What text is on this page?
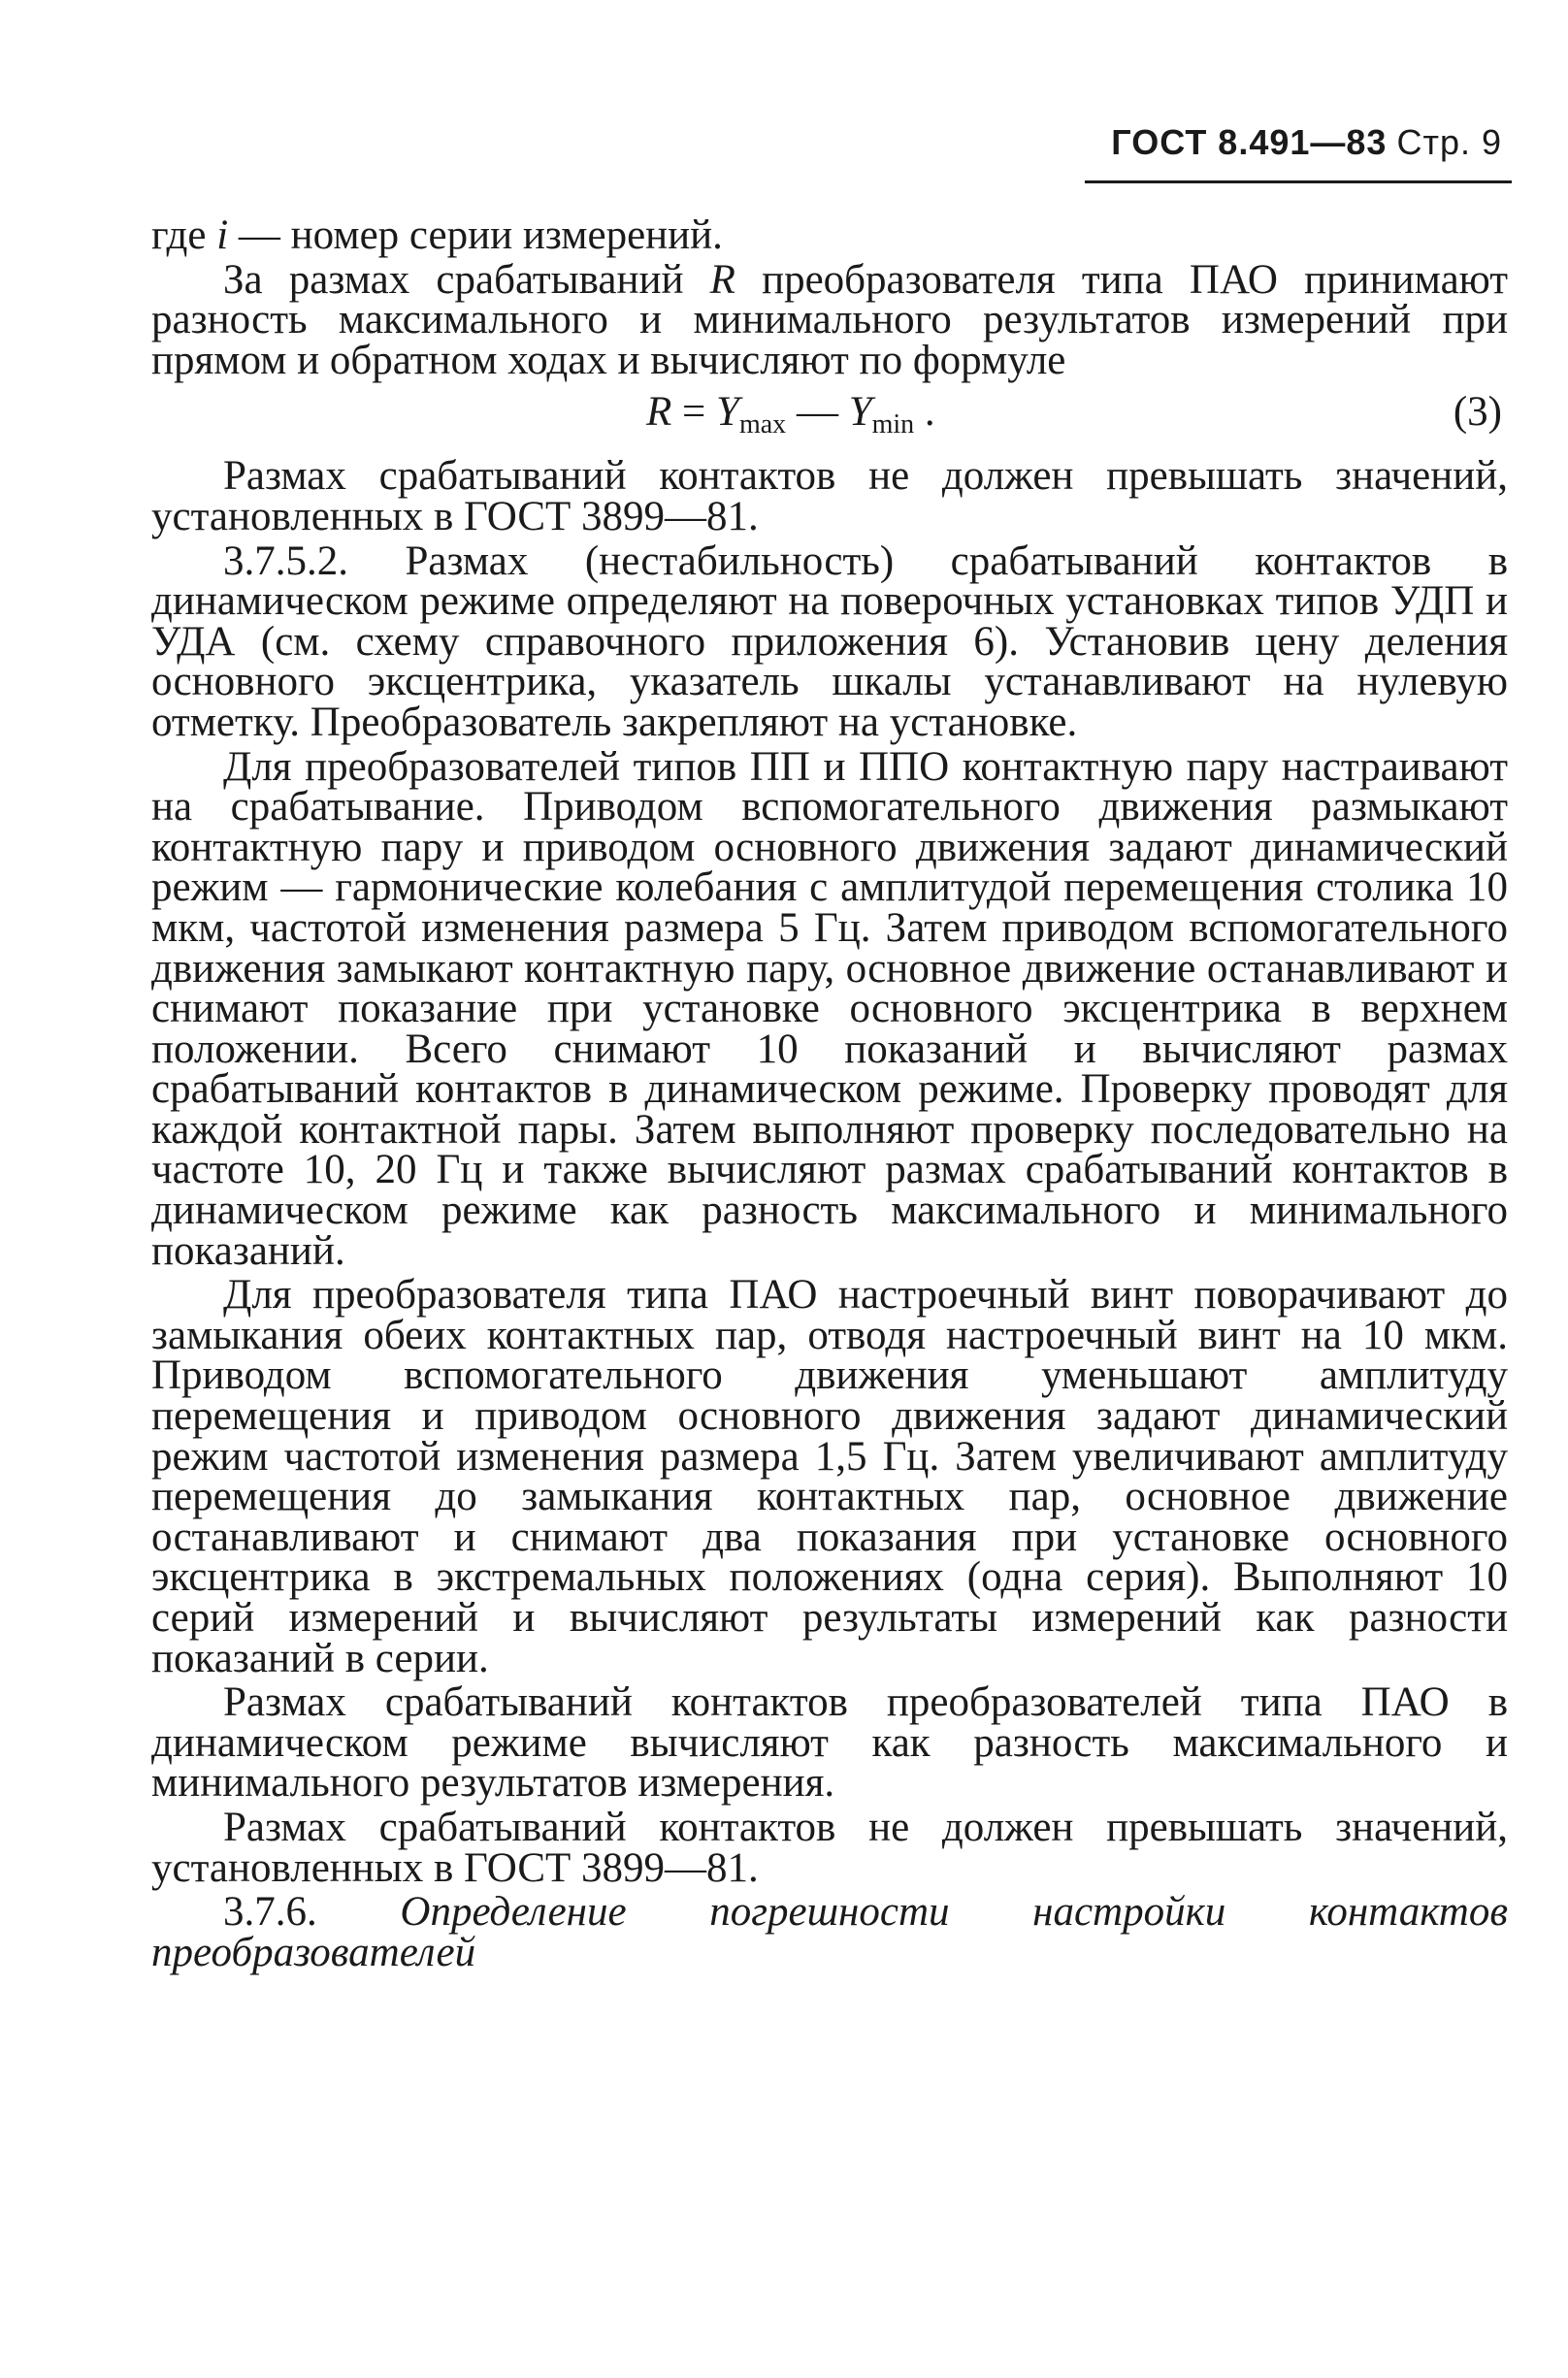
ГОСТ 8.491—83 Стр. 9

где i — номер серии измерений.

За размах срабатываний R преобразователя типа ПАО принимают разность максимального и минимального результатов измерений при прямом и обратном ходах и вычисляют по формуле

$R = Y_{max}$ — $Y_{min}$ .	(3)

Размах срабатываний контактов не должен превышать значений, установленных в ГОСТ 3899—81.

3.7.5.2. Размах (нестабильность) срабатываний контактов в динамическом режиме определяют на поверочных установках типов УДП и УДА (см. схему справочного приложения 6). Установив цену деления основного эксцентрика, указатель шкалы устанавливают на нулевую отметку. Преобразователь закрепляют на установке.

Для преобразователей типов ПП и ППО контактную пару настраивают на срабатывание. Приводом вспомогательного движения размыкают контактную пару и приводом основного движения задают динамический режим — гармонические колебания с амплитудой перемещения столика 10 мкм, частотой изменения размера 5 Гц. Затем приводом вспомогательного движения замыкают контактную пару, основное движение останавливают и снимают показание при установке основного эксцентрика в верхнем положении. Всего снимают 10 показаний и вычисляют размах срабатываний контактов в динамическом режиме. Проверку проводят для каждой контактной пары. Затем выполняют проверку последовательно на частоте 10, 20 Гц и также вычисляют размах срабатываний контактов в динамическом режиме как разность максимального и минимального показаний.

Для преобразователя типа ПАО настроечный винт поворачивают до замыкания обеих контактных пар, отводя настроечный винт на 10 мкм. Приводом вспомогательного движения уменьшают амплитуду перемещения и приводом основного движения задают динамический режим частотой изменения размера 1,5 Гц. Затем увеличивают амплитуду перемещения до замыкания контактных пар, основное движение останавливают и снимают два показания при установке основного эксцентрика в экстремальных положениях (одна серия). Выполняют 10 серий измерений и вычисляют результаты измерений как разности показаний в серии.

Размах срабатываний контактов преобразователей типа ПАО в динамическом режиме вычисляют как разность максимального и минимального результатов измерения.

Размах срабатываний контактов не должен превышать значений, установленных в ГОСТ 3899—81.

3.7.6. Определение погрешности настройки контактов преобразователей
